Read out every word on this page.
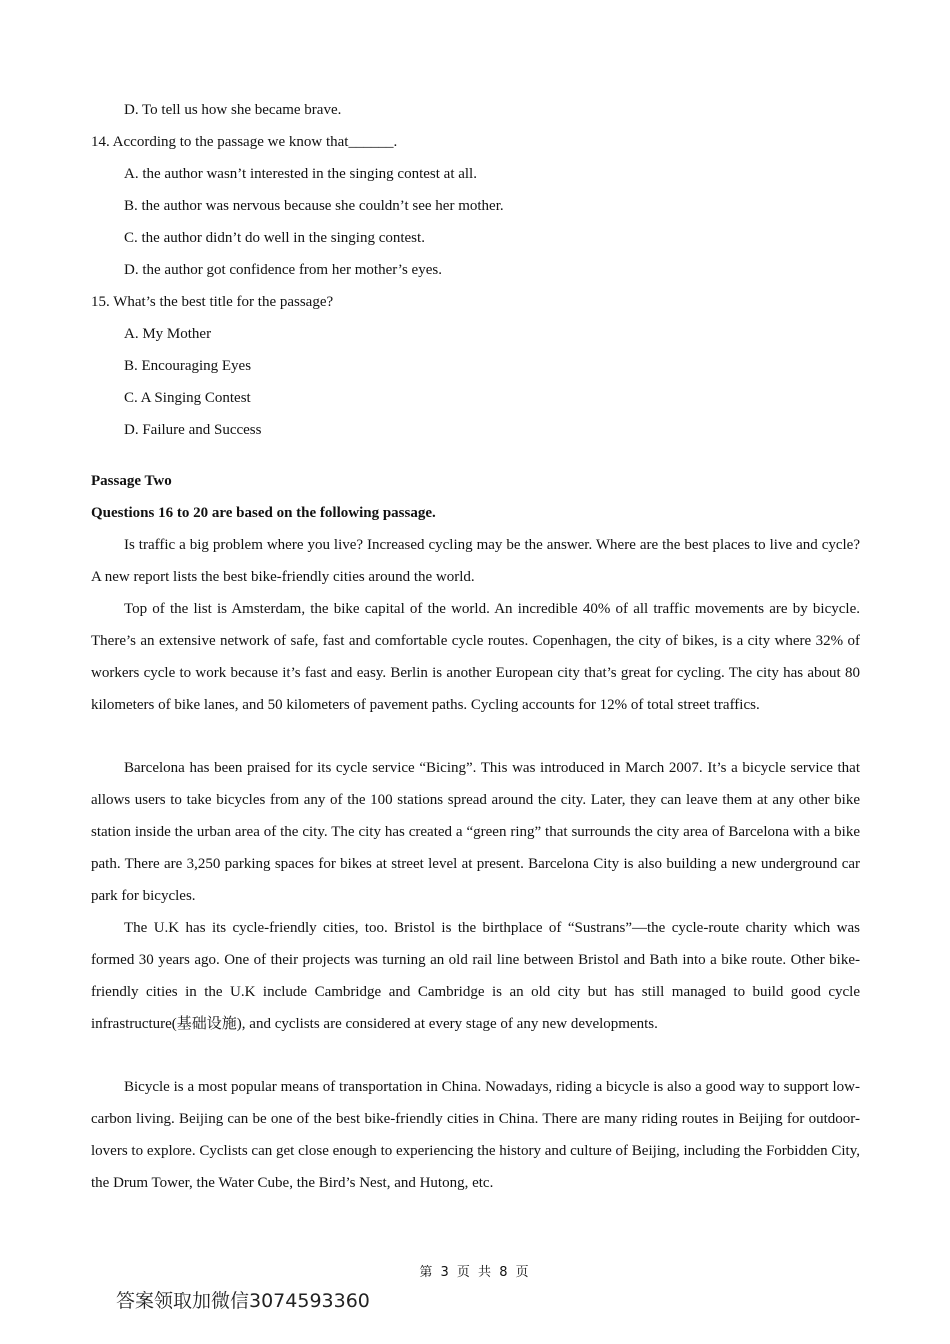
D. To tell us how she became brave.
14. According to the passage we know that______.
A. the author wasn’t interested in the singing contest at all.
B. the author was nervous because she couldn’t see her mother.
C. the author didn’t do well in the singing contest.
D. the author got confidence from her mother’s eyes.
15. What’s the best title for the passage?
A. My Mother
B. Encouraging Eyes
C. A Singing Contest
D. Failure and Success
Passage Two
Questions 16 to 20 are based on the following passage.
Is traffic a big problem where you live? Increased cycling may be the answer. Where are the best places to live and cycle? A new report lists the best bike-friendly cities around the world.
Top of the list is Amsterdam, the bike capital of the world. An incredible 40% of all traffic movements are by bicycle. There’s an extensive network of safe, fast and comfortable cycle routes. Copenhagen, the city of bikes, is a city where 32% of workers cycle to work because it’s fast and easy. Berlin is another European city that’s great for cycling. The city has about 80 kilometers of bike lanes, and 50 kilometers of pavement paths. Cycling accounts for 12% of total street traffics.
Barcelona has been praised for its cycle service “Bicing”. This was introduced in March 2007. It’s a bicycle service that allows users to take bicycles from any of the 100 stations spread around the city. Later, they can leave them at any other bike station inside the urban area of the city. The city has created a “green ring” that surrounds the city area of Barcelona with a bike path. There are 3,250 parking spaces for bikes at street level at present. Barcelona City is also building a new underground car park for bicycles.
The U.K has its cycle-friendly cities, too. Bristol is the birthplace of “Sustrans”—the cycle-route charity which was formed 30 years ago. One of their projects was turning an old rail line between Bristol and Bath into a bike route. Other bike-friendly cities in the U.K include Cambridge and Cambridge is an old city but has still managed to build good cycle infrastructure(基础设施), and cyclists are considered at every stage of any new developments.
Bicycle is a most popular means of transportation in China. Nowadays, riding a bicycle is also a good way to support low-carbon living. Beijing can be one of the best bike-friendly cities in China. There are many riding routes in Beijing for outdoor-lovers to explore. Cyclists can get close enough to experiencing the history and culture of Beijing, including the Forbidden City, the Drum Tower, the Water Cube, the Bird’s Nest, and Hutong, etc.
第 3 页 共 8 页
答案领取加微信3074593360
